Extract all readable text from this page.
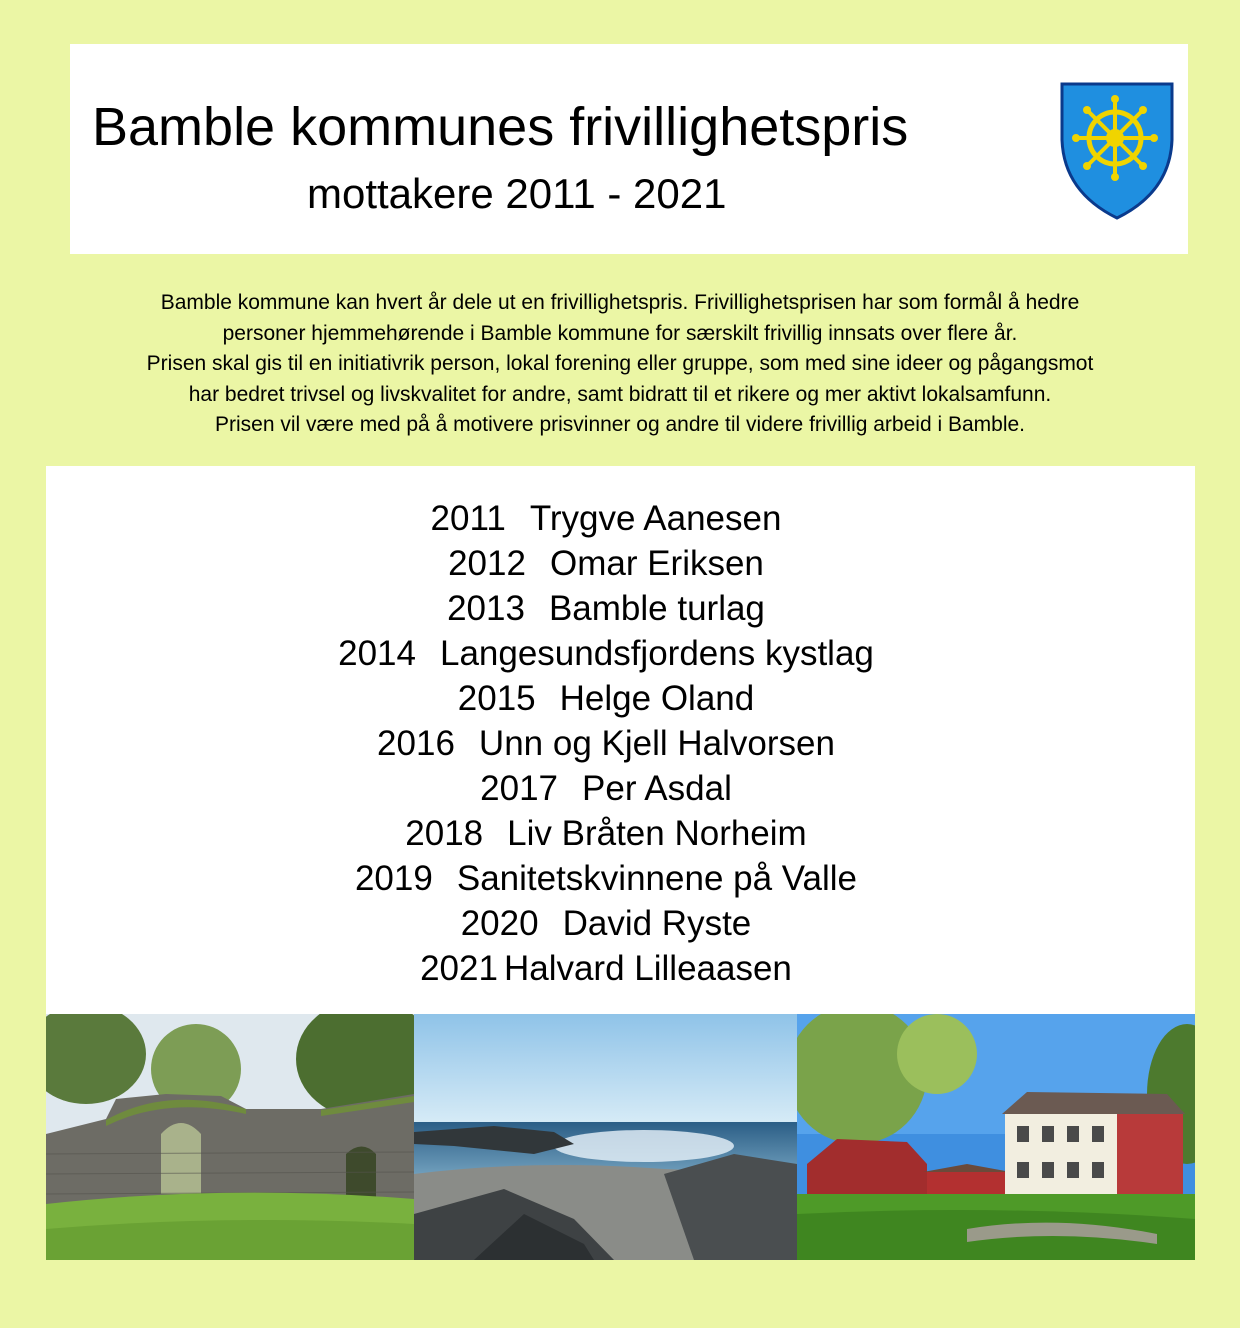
Bamble kommunes frivillighetspris
mottakere 2011 - 2021
Bamble kommune kan hvert år dele ut en frivillighetspris. Frivillighetsprisen har som formål å hedre
personer hjemmehørende i Bamble kommune for særskilt frivillig innsats over flere år.
Prisen skal gis til en initiativrik person, lokal forening eller gruppe, som med sine ideer og pågangsmot
har bedret trivsel og livskvalitet for andre, samt bidratt til et rikere og mer aktivt lokalsamfunn.
Prisen vil være med på å motivere prisvinner og andre til videre frivillig arbeid i Bamble.
2011 Trygve Aanesen
2012 Omar Eriksen
2013 Bamble turlag
2014 Langesundsfjordens kystlag
2015 Helge Oland
2016 Unn og Kjell Halvorsen
2017 Per Asdal
2018 Liv Bråten Norheim
2019 Sanitetskvinnene på Valle
2020 David Ryste
2021 Halvard Lilleaasen
